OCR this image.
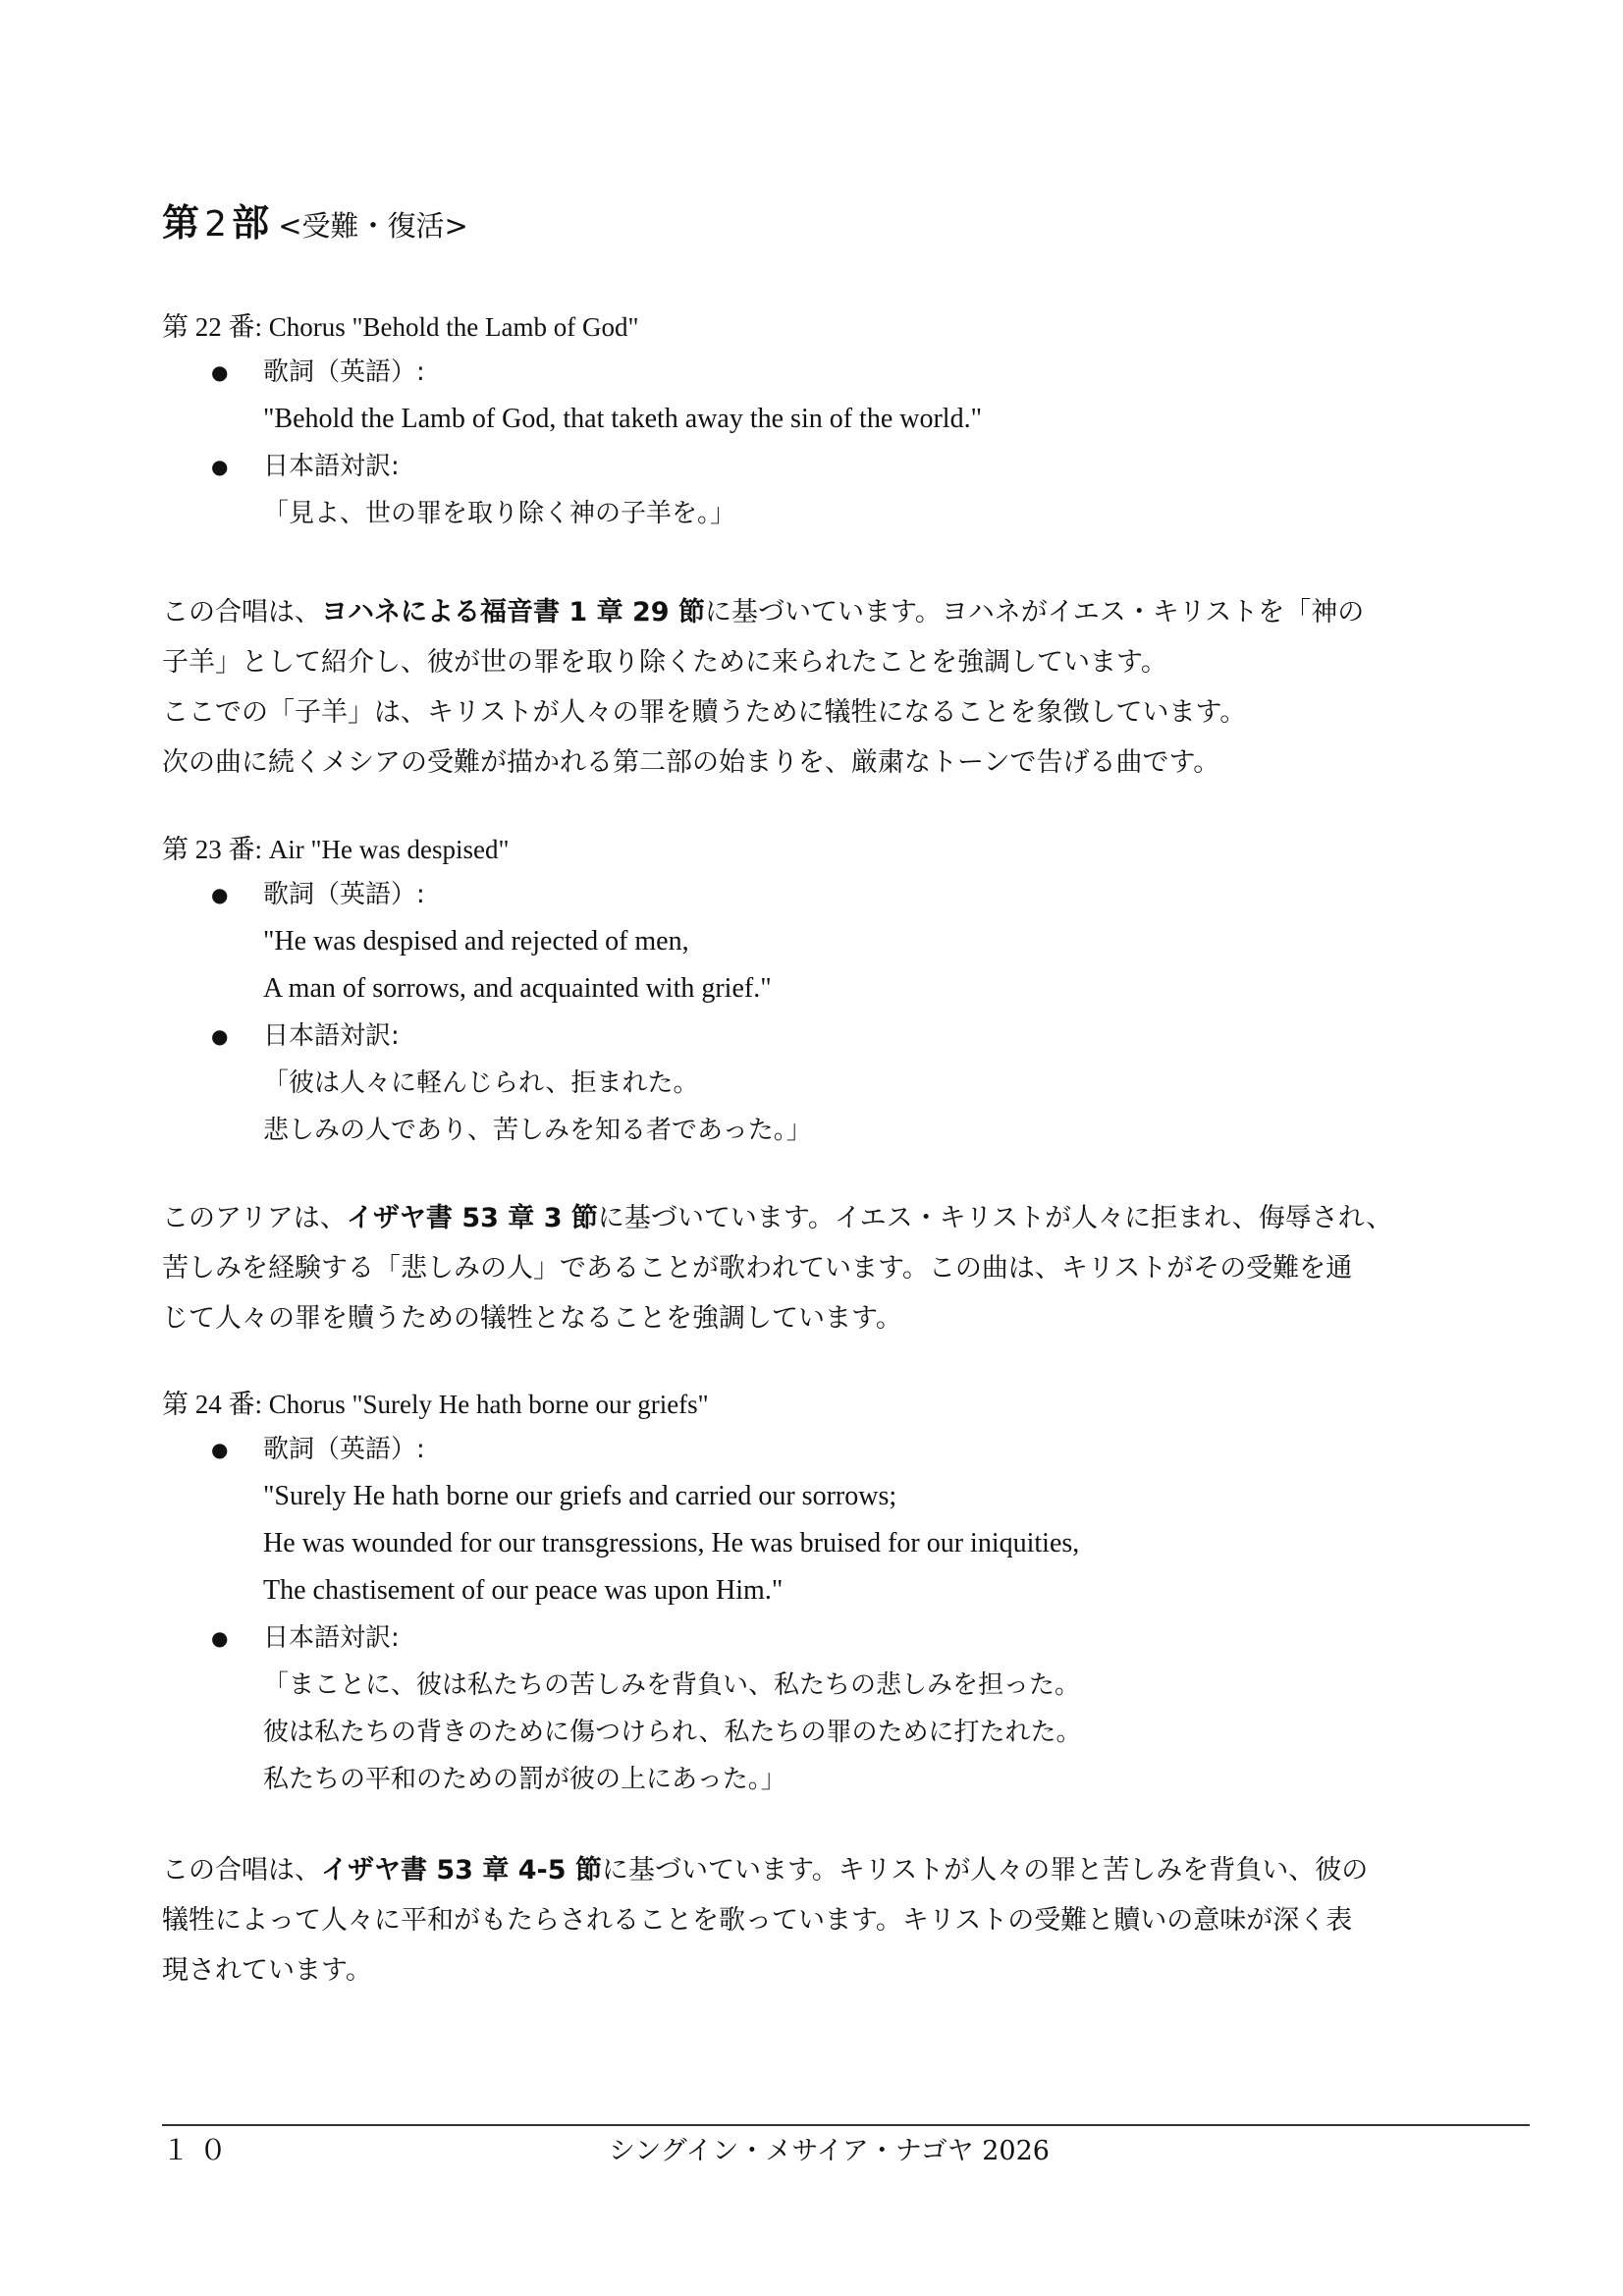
第 2 部 <受難・復活>

第 22 番: Chorus "Behold the Lamb of God"

● 歌詞（英語）:
"Behold the Lamb of God, that taketh away the sin of the world."
● 日本語対訳:
「見よ、世の罪を取り除く神の子羊を。」

この合唱は、ヨハネによる福音書 1 章 29 節に基づいています。ヨハネがイエス・キリストを「神の
子羊」として紹介し、彼が世の罪を取り除くために来られたことを強調しています。
ここでの「子羊」は、キリストが人々の罪を贖うために犠牲になることを象徴しています。
次の曲に続くメシアの受難が描かれる第二部の始まりを、厳粛なトーンで告げる曲です。

第 23 番: Air "He was despised"

● 歌詞（英語）:
"He was despised and rejected of men,
A man of sorrows, and acquainted with grief."
● 日本語対訳:
「彼は人々に軽んじられ、拒まれた。
悲しみの人であり、苦しみを知る者であった。」

このアリアは、イザヤ書 53 章 3 節に基づいています。イエス・キリストが人々に拒まれ、侮辱され、
苦しみを経験する「悲しみの人」であることが歌われています。この曲は、キリストがその受難を通
じて人々の罪を贖うための犠牲となることを強調しています。

第 24 番: Chorus "Surely He hath borne our griefs"

● 歌詞（英語）:
"Surely He hath borne our griefs and carried our sorrows;
He was wounded for our transgressions, He was bruised for our iniquities,
The chastisement of our peace was upon Him."
● 日本語対訳:
「まことに、彼は私たちの苦しみを背負い、私たちの悲しみを担った。
彼は私たちの背きのために傷つけられ、私たちの罪のために打たれた。
私たちの平和のための罰が彼の上にあった。」

この合唱は、イザヤ書 53 章 4-5 節に基づいています。キリストが人々の罪と苦しみを背負い、彼の
犠牲によって人々に平和がもたらされることを歌っています。キリストの受難と贖いの意味が深く表
現されています。

１０	シングイン・メサイア・ナゴヤ 2026
